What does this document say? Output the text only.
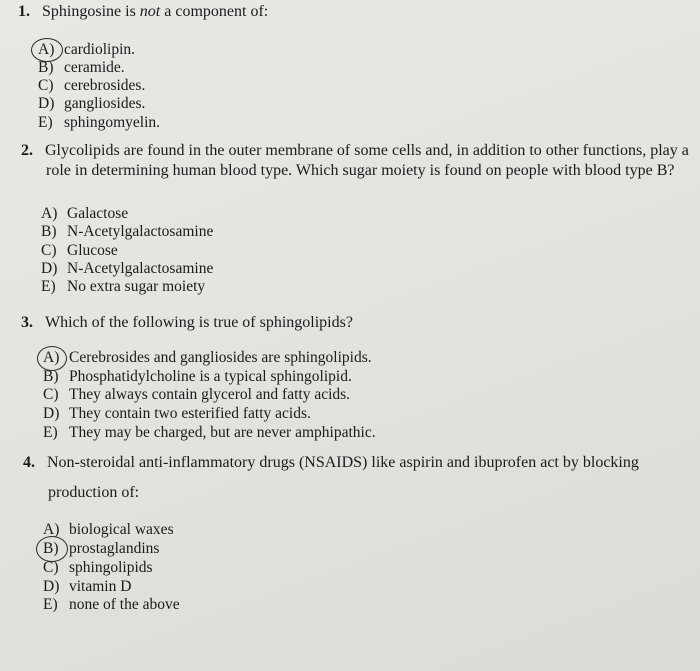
1. Sphingosine is not a component of:
A) cardiolipin.
B) ceramide.
C) cerebrosides.
D) gangliosides.
E) sphingomyelin.
2. Glycolipids are found in the outer membrane of some cells and, in addition to other functions, play a
role in determining human blood type. Which sugar moiety is found on people with blood type B?
A) Galactose
B) N-Acetylgalactosamine
C) Glucose
D) N-Acetylgalactosamine
E) No extra sugar moiety
3. Which of the following is true of sphingolipids?
A) Cerebrosides and gangliosides are sphingolipids.
B) Phosphatidylcholine is a typical sphingolipid.
C) They always contain glycerol and fatty acids.
D) They contain two esterified fatty acids.
E) They may be charged, but are never amphipathic.
4. Non-steroidal anti-inflammatory drugs (NSAIDS) like aspirin and ibuprofen act by blocking
production of:
A) biological waxes
B) prostaglandins
C) sphingolipids
D) vitamin D
E) none of the above
